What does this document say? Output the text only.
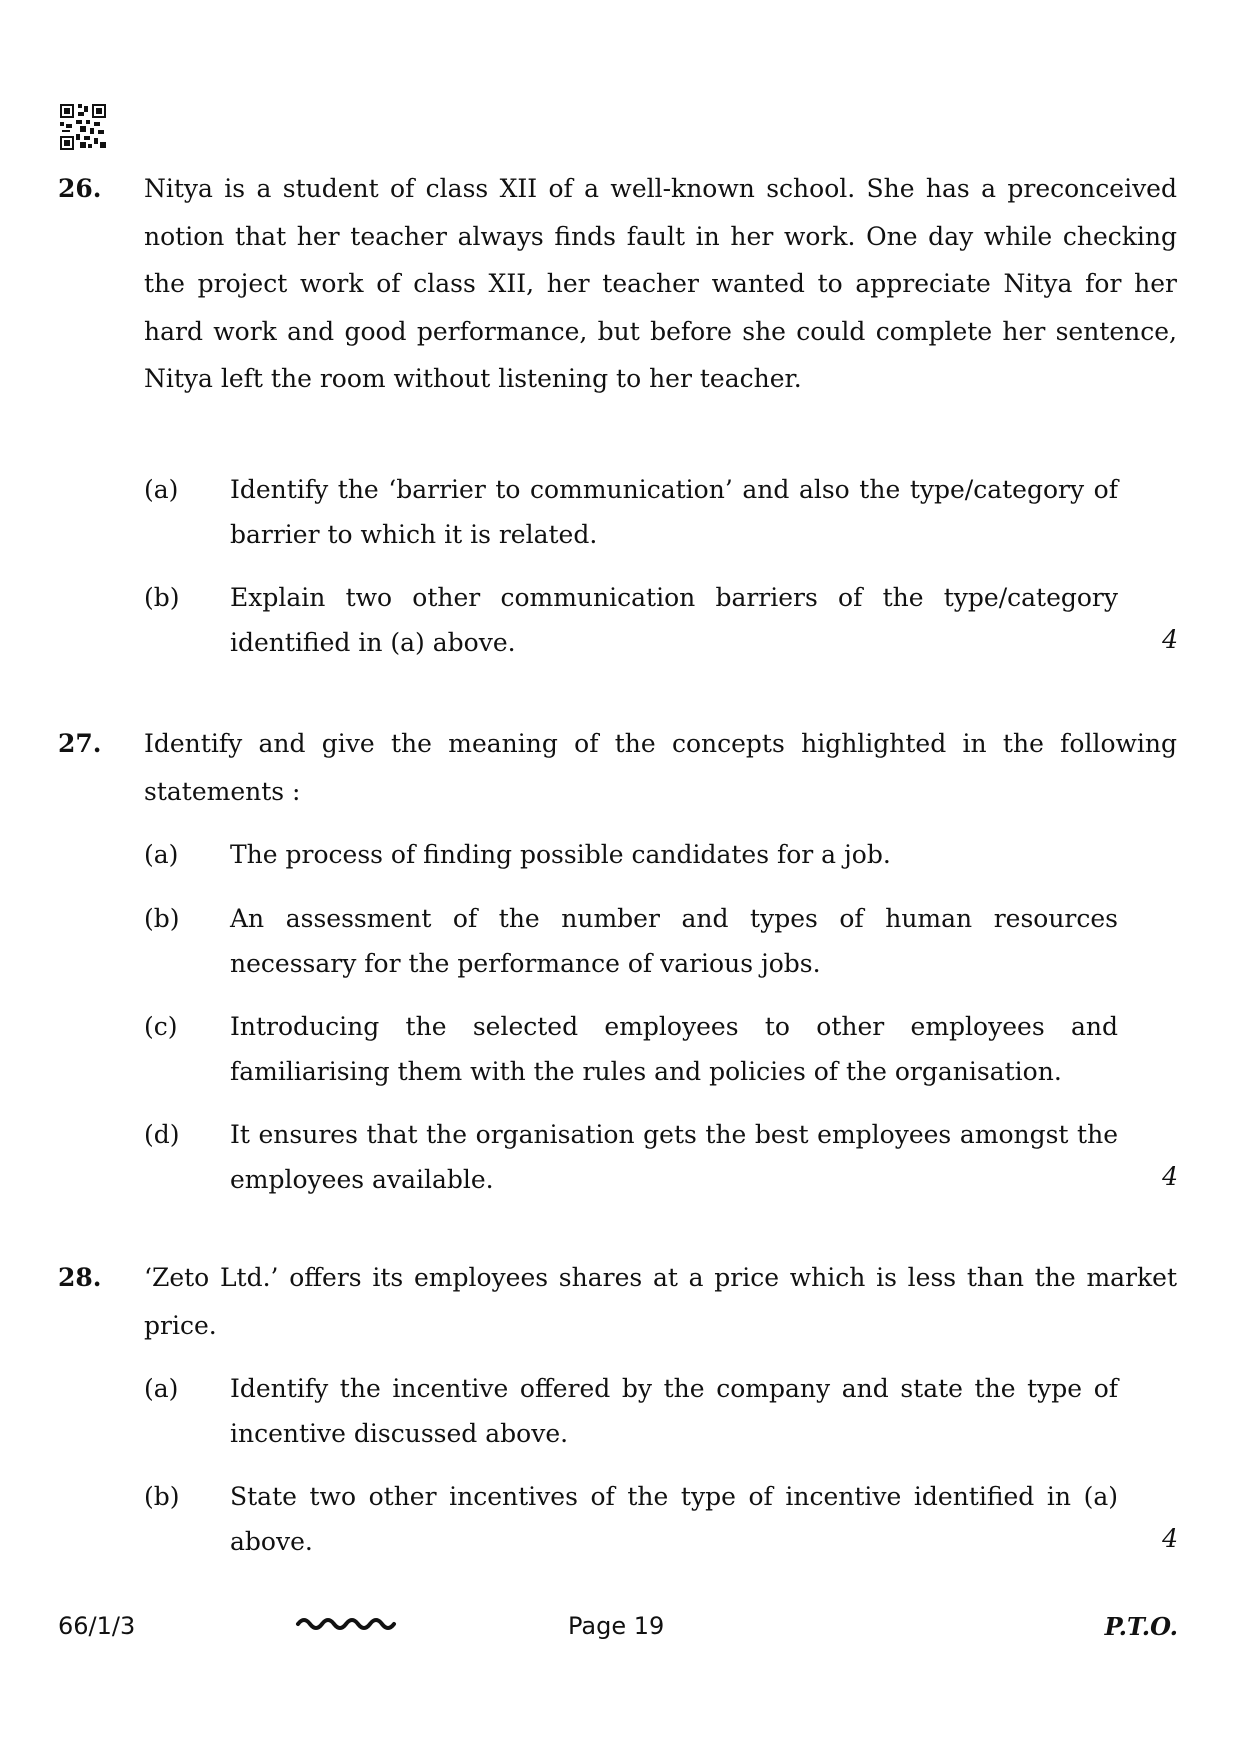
26. Nitya is a student of class XII of a well-known school. She has a preconceived notion that her teacher always finds fault in her work. One day while checking the project work of class XII, her teacher wanted to appreciate Nitya for her hard work and good performance, but before she could complete her sentence, Nitya left the room without listening to her teacher.
(a) Identify the ‘barrier to communication’ and also the type/category of barrier to which it is related.
(b) Explain two other communication barriers of the type/category identified in (a) above.	4
27. Identify and give the meaning of the concepts highlighted in the following statements :
(a) The process of finding possible candidates for a job.
(b) An assessment of the number and types of human resources necessary for the performance of various jobs.
(c) Introducing the selected employees to other employees and familiarising them with the rules and policies of the organisation.
(d) It ensures that the organisation gets the best employees amongst the employees available.	4
28. ‘Zeto Ltd.’ offers its employees shares at a price which is less than the market price.
(a) Identify the incentive offered by the company and state the type of incentive discussed above.
(b) State two other incentives of the type of incentive identified in (a) above.	4
66/1/3	Page 19	P.T.O.
